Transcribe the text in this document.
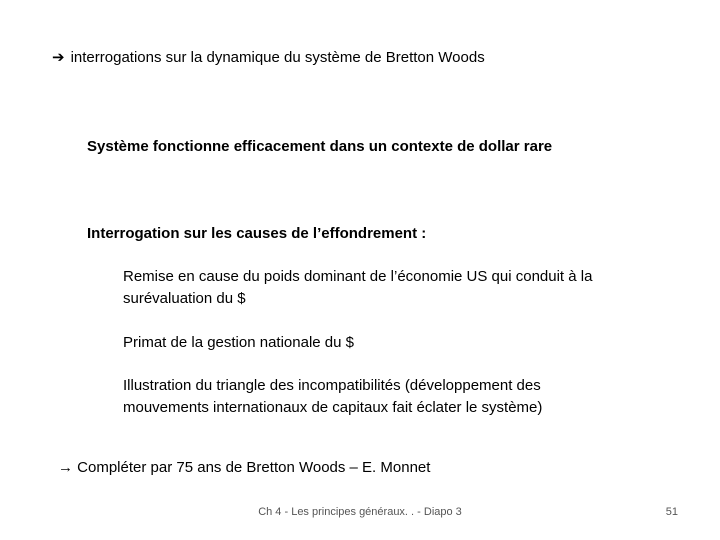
➔ interrogations sur la dynamique du système de Bretton Woods
Système fonctionne efficacement dans un contexte de dollar rare
Interrogation sur les causes de l’effondrement :
Remise en cause du poids dominant de l’économie US qui conduit à la surévaluation du $
Primat de la gestion nationale du $
Illustration du triangle des incompatibilités (développement des mouvements internationaux de capitaux fait éclater le système)
→ Compléter par 75 ans de Bretton Woods – E. Monnet
Ch 4 - Les principes généraux. . - Diapo 3	51
